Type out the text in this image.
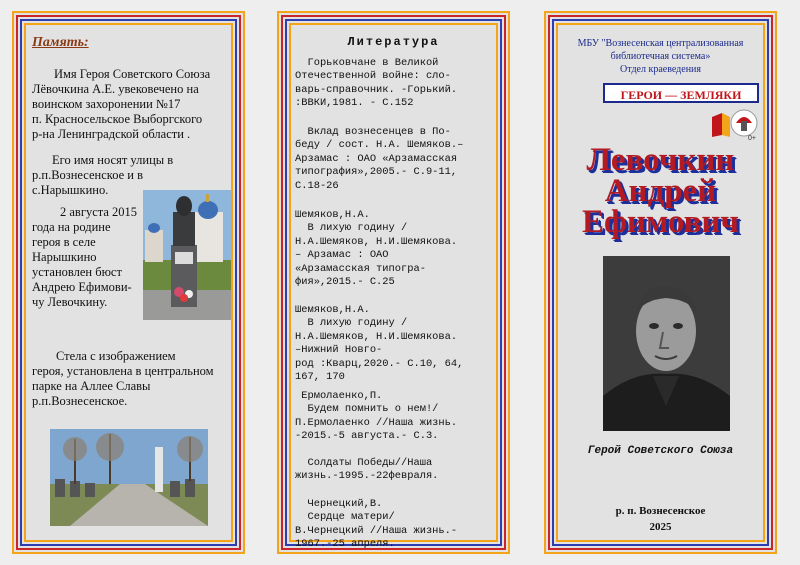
Память:
Имя Героя Советского Союза
Лёвочкина А.Е. увековечено на
воинском захоронении №17
п. Красносельское Выборгского
р-на Ленинградской области .
Его имя носят улицы в
р.п.Вознесенское и в
с.Нарышкино.
2 августа 2015
года на родине
героя в селе
Нарышкино
установлен бюст
Андрею Ефимови-
чу Левочкину.
Стела с изображением
героя, установлена в центральном
парке на Аллее Славы
р.п.Вознесенское.
Литература
Горьковчане в Великой
Отечественной войне: сло-
варь-справочник. -Горький.
:ВВКИ,1981. - С.152
Вклад вознесенцев в По-
беду / сост. Н.А. Шемяков.–
Арзамас : ОАО «Арзамасская
типография»,2005.- С.9-11,
С.18-26
Шемяков,Н.А.
В лихую годину /
Н.А.Шемяков, Н.И.Шемякова.
– Арзамас : ОАО
«Арзамасская типогра-
фия»,2015.- С.25
Шемяков,Н.А.
В лихую годину /
Н.А.Шемяков, Н.И.Шемякова.
–Нижний Новго-
род :Кварц,2020.- С.10, 64,
167, 170
Ермолаенко,П.
Будем помнить о нем!/
П.Ермолаенко //Наша жизнь.
-2015.-5 августа.- С.3.
Солдаты Победы//Наша
жизнь.-1995.-22февраля.
Чернецкий,В.
Сердце матери/
В.Чернецкий //Наша жизнь.-
1967.-25 апреля.
МБУ "Вознесенская централизованная
библиотечная система»
Отдел краеведения
ГЕРОИ — ЗЕМЛЯКИ
0+
Левочкин
Андрей
Ефимович
Герой Советского Союза
р. п. Вознесенское
2025
